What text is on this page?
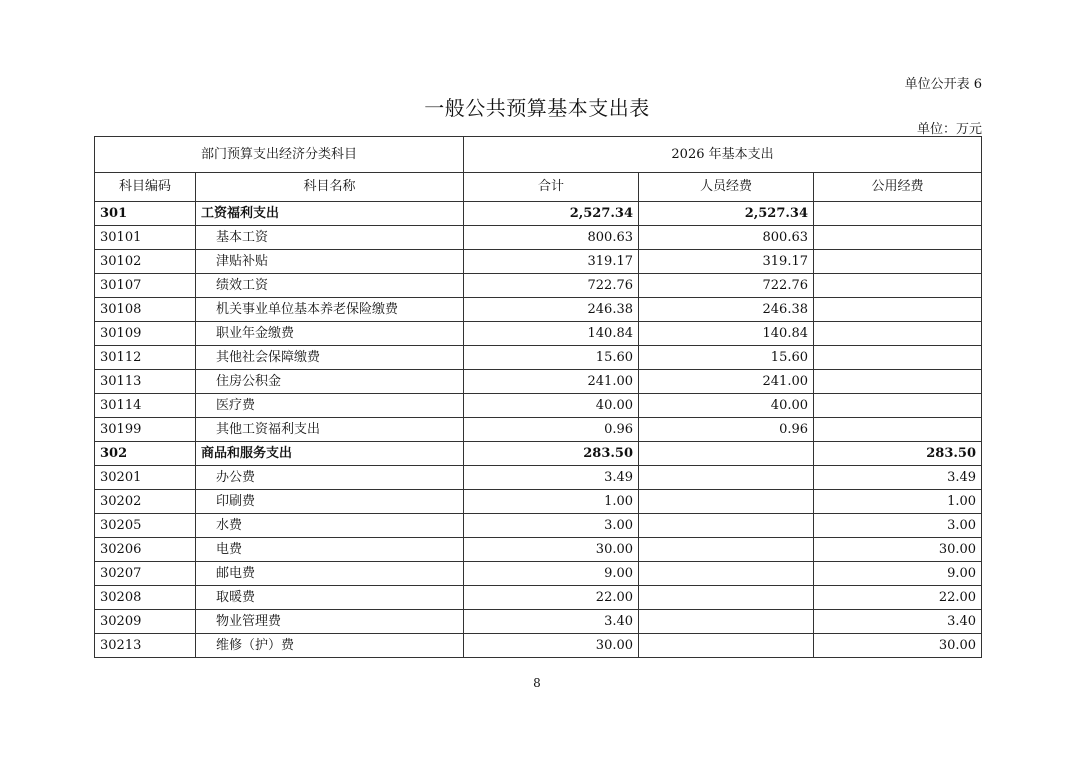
单位公开表 6
一般公共预算基本支出表
单位：万元
部门预算支出经济分类科目		2026 年基本支出		
科目编码	科目名称	合计	人员经费	公用经费
301	工资福利支出	2,527.34	2,527.34	
30101	基本工资	800.63	800.63	
30102	津贴补贴	319.17	319.17	
30107	绩效工资	722.76	722.76	
30108	机关事业单位基本养老保险缴费	246.38	246.38	
30109	职业年金缴费	140.84	140.84	
30112	其他社会保障缴费	15.60	15.60	
30113	住房公积金	241.00	241.00	
30114	医疗费	40.00	40.00	
30199	其他工资福利支出	0.96	0.96	
302	商品和服务支出	283.50		283.50
30201	办公费	3.49		3.49
30202	印刷费	1.00		1.00
30205	水费	3.00		3.00
30206	电费	30.00		30.00
30207	邮电费	9.00		9.00
30208	取暖费	22.00		22.00
30209	物业管理费	3.40		3.40
30213	维修（护）费	30.00		30.00
8
